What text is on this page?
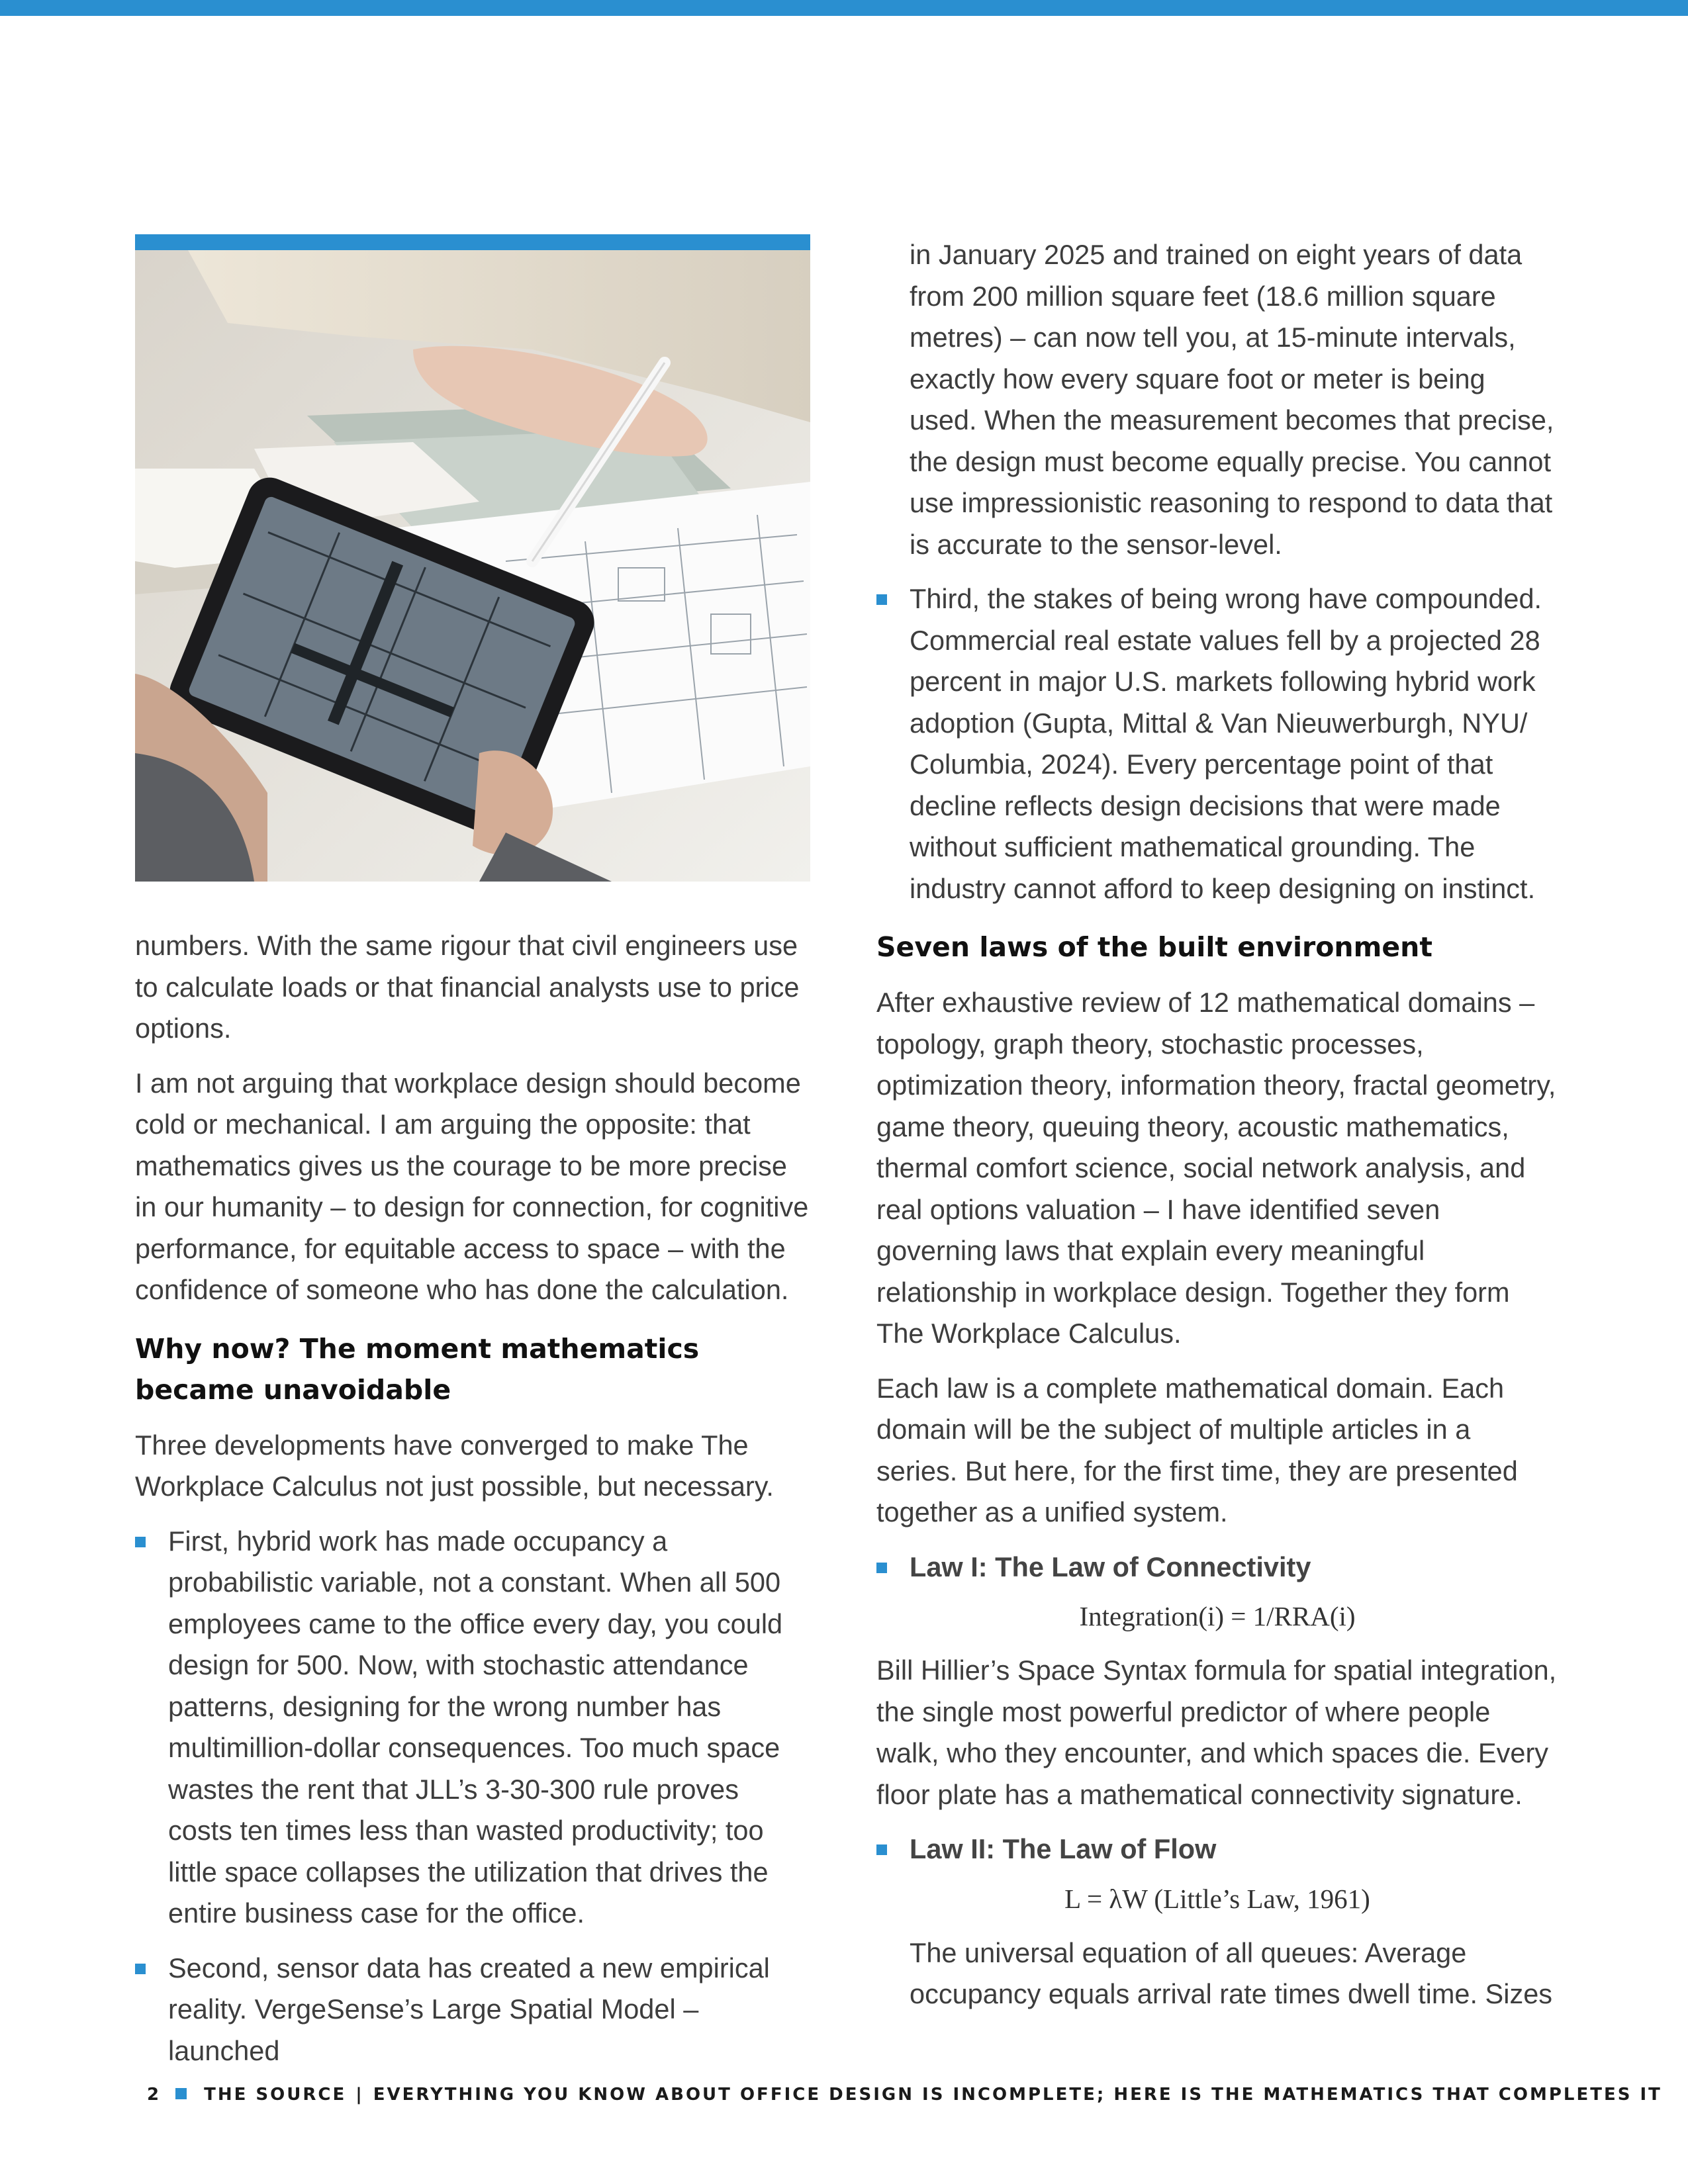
numbers. With the same rigour that civil engineers use to calculate loads or that financial analysts use to price options.

I am not arguing that workplace design should become cold or mechanical. I am arguing the opposite: that mathematics gives us the courage to be more precise in our humanity – to design for connection, for cognitive performance, for equitable access to space – with the confidence of someone who has done the calculation.

Why now? The moment mathematics became unavoidable

Three developments have converged to make The Workplace Calculus not just possible, but necessary.

First, hybrid work has made occupancy a probabilistic variable, not a constant. When all 500 employees came to the office every day, you could design for 500. Now, with stochastic attendance patterns, designing for the wrong number has multimillion-dollar consequences. Too much space wastes the rent that JLL’s 3-30-300 rule proves costs ten times less than wasted productivity; too little space collapses the utilization that drives the entire business case for the office.
Second, sensor data has created a new empirical reality. VergeSense’s Large Spatial Model – launched

in January 2025 and trained on eight years of data from 200 million square feet (18.6 million square metres) – can now tell you, at 15-minute intervals, exactly how every square foot or meter is being used. When the measurement becomes that precise, the design must become equally precise. You cannot use impressionistic reasoning to respond to data that is accurate to the sensor-level.

Third, the stakes of being wrong have compounded. Commercial real estate values fell by a projected 28 percent in major U.S. markets following hybrid work adoption (Gupta, Mittal & Van Nieuwerburgh, NYU/ Columbia, 2024). Every percentage point of that decline reflects design decisions that were made without sufficient mathematical grounding. The industry cannot afford to keep designing on instinct.
Seven laws of the built environment

After exhaustive review of 12 mathematical domains – topology, graph theory, stochastic processes, optimization theory, information theory, fractal geometry, game theory, queuing theory, acoustic mathematics, thermal comfort science, social network analysis, and real options valuation – I have identified seven governing laws that explain every meaningful relationship in workplace design. Together they form The Workplace Calculus.

Each law is a complete mathematical domain. Each domain will be the subject of multiple articles in a series. But here, for the first time, they are presented together as a unified system.

Law I: The Law of Connectivity
Integration(i) = 1/RRA(i)

Bill Hillier’s Space Syntax formula for spatial integration, the single most powerful predictor of where people walk, who they encounter, and which spaces die. Every floor plate has a mathematical connectivity signature.

Law II: The Law of Flow
L = λW (Little’s Law, 1961)

The universal equation of all queues: Average occupancy equals arrival rate times dwell time. Sizes

2	THE SOURCE | EVERYTHING YOU KNOW ABOUT OFFICE DESIGN IS INCOMPLETE; HERE IS THE MATHEMATICS THAT COMPLETES IT
